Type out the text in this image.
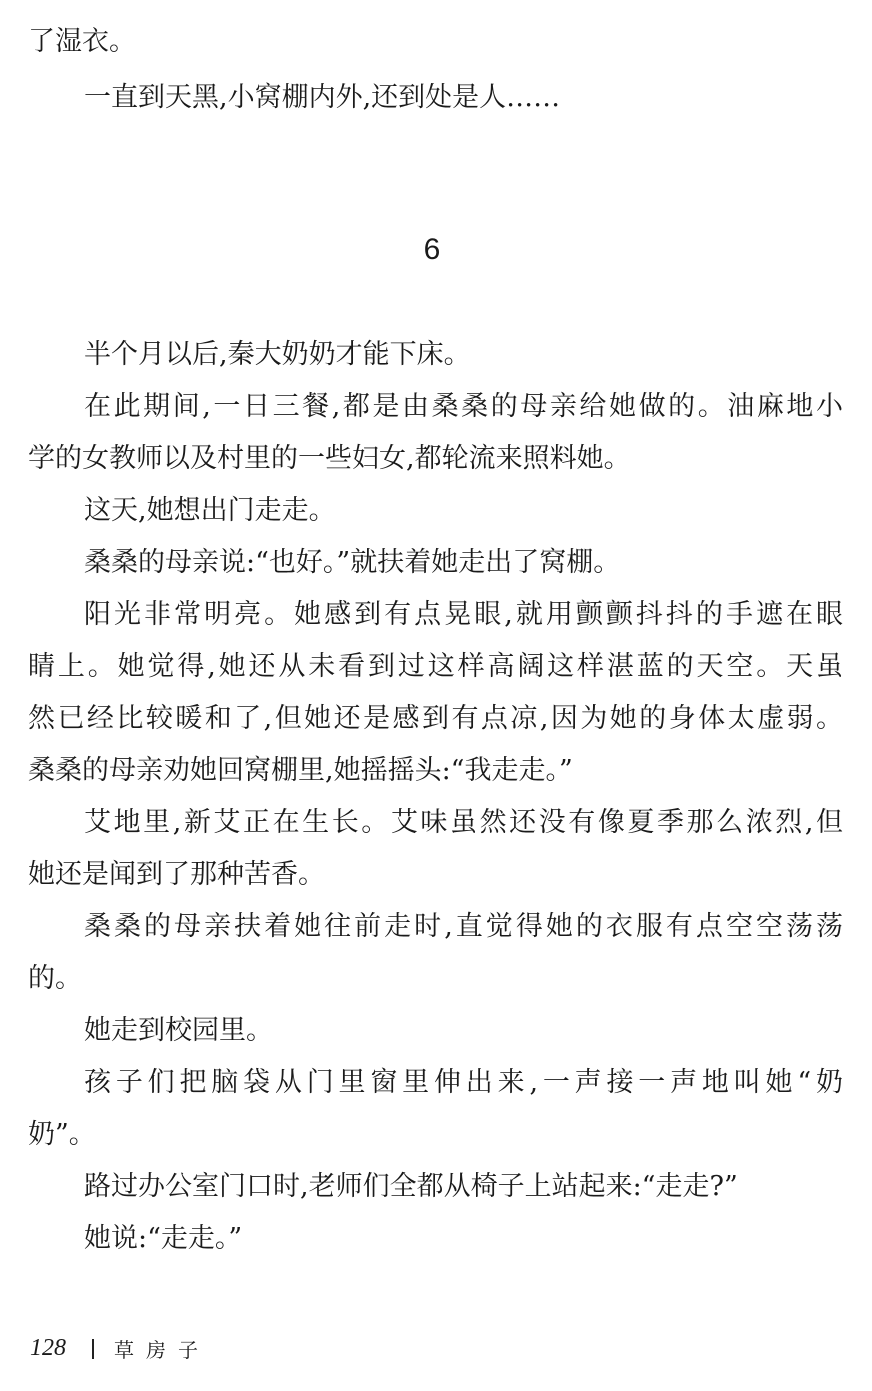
了湿衣。
一直到天黑,小窝棚内外,还到处是人……
半个月以后,秦大奶奶才能下床。
在此期间,一日三餐,都是由桑桑的母亲给她做的。油麻地小
学的女教师以及村里的一些妇女,都轮流来照料她。
这天,她想出门走走。
桑桑的母亲说:“也好。”就扶着她走出了窝棚。
阳光非常明亮。她感到有点晃眼,就用颤颤抖抖的手遮在眼
睛上。她觉得,她还从未看到过这样高阔这样湛蓝的天空。天虽
然已经比较暖和了,但她还是感到有点凉,因为她的身体太虚弱。
桑桑的母亲劝她回窝棚里,她摇摇头:“我走走。”
艾地里,新艾正在生长。艾味虽然还没有像夏季那么浓烈,但
她还是闻到了那种苦香。
桑桑的母亲扶着她往前走时,直觉得她的衣服有点空空荡荡
的。
她走到校园里。
孩子们把脑袋从门里窗里伸出来,一声接一声地叫她“奶
奶”。
路过办公室门口时,老师们全都从椅子上站起来:“走走?”
她说:“走走。”
6
128 草房子
